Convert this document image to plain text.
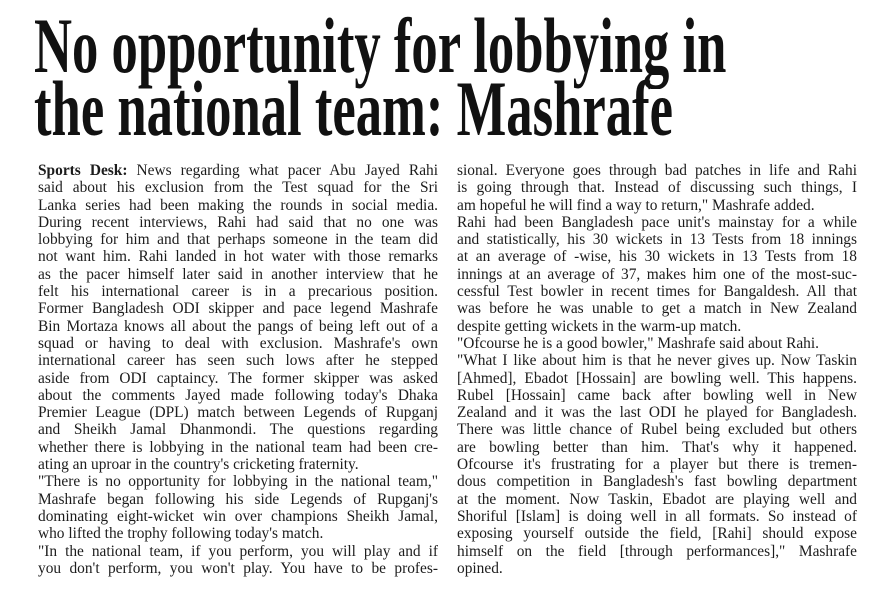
No opportunity for lobbying in
the national team: Mashrafe
Sports Desk: News regarding what pacer Abu Jayed Rahi
said about his exclusion from the Test squad for the Sri
Lanka series had been making the rounds in social media.
During recent interviews, Rahi had said that no one was
lobbying for him and that perhaps someone in the team did
not want him. Rahi landed in hot water with those remarks
as the pacer himself later said in another interview that he
felt his international career is in a precarious position.
Former Bangladesh ODI skipper and pace legend Mashrafe
Bin Mortaza knows all about the pangs of being left out of a
squad or having to deal with exclusion. Mashrafe's own
international career has seen such lows after he stepped
aside from ODI captaincy. The former skipper was asked
about the comments Jayed made following today's Dhaka
Premier League (DPL) match between Legends of Rupganj
and Sheikh Jamal Dhanmondi. The questions regarding
whether there is lobbying in the national team had been cre-
ating an uproar in the country's cricketing fraternity.
"There is no opportunity for lobbying in the national team,"
Mashrafe began following his side Legends of Rupganj's
dominating eight-wicket win over champions Sheikh Jamal,
who lifted the trophy following today's match.
"In the national team, if you perform, you will play and if
you don't perform, you won't play. You have to be profes-
sional. Everyone goes through bad patches in life and Rahi
is going through that. Instead of discussing such things, I
am hopeful he will find a way to return," Mashrafe added.
Rahi had been Bangladesh pace unit's mainstay for a while
and statistically, his 30 wickets in 13 Tests from 18 innings
at an average of -wise, his 30 wickets in 13 Tests from 18
innings at an average of 37, makes him one of the most-suc-
cessful Test bowler in recent times for Bangaldesh. All that
was before he was unable to get a match in New Zealand
despite getting wickets in the warm-up match.
"Ofcourse he is a good bowler," Mashrafe said about Rahi.
"What I like about him is that he never gives up. Now Taskin
[Ahmed], Ebadot [Hossain] are bowling well. This happens.
Rubel [Hossain] came back after bowling well in New
Zealand and it was the last ODI he played for Bangladesh.
There was little chance of Rubel being excluded but others
are bowling better than him. That's why it happened.
Ofcourse it's frustrating for a player but there is tremen-
dous competition in Bangladesh's fast bowling department
at the moment. Now Taskin, Ebadot are playing well and
Shoriful [Islam] is doing well in all formats. So instead of
exposing yourself outside the field, [Rahi] should expose
himself on the field [through performances]," Mashrafe
opined.
